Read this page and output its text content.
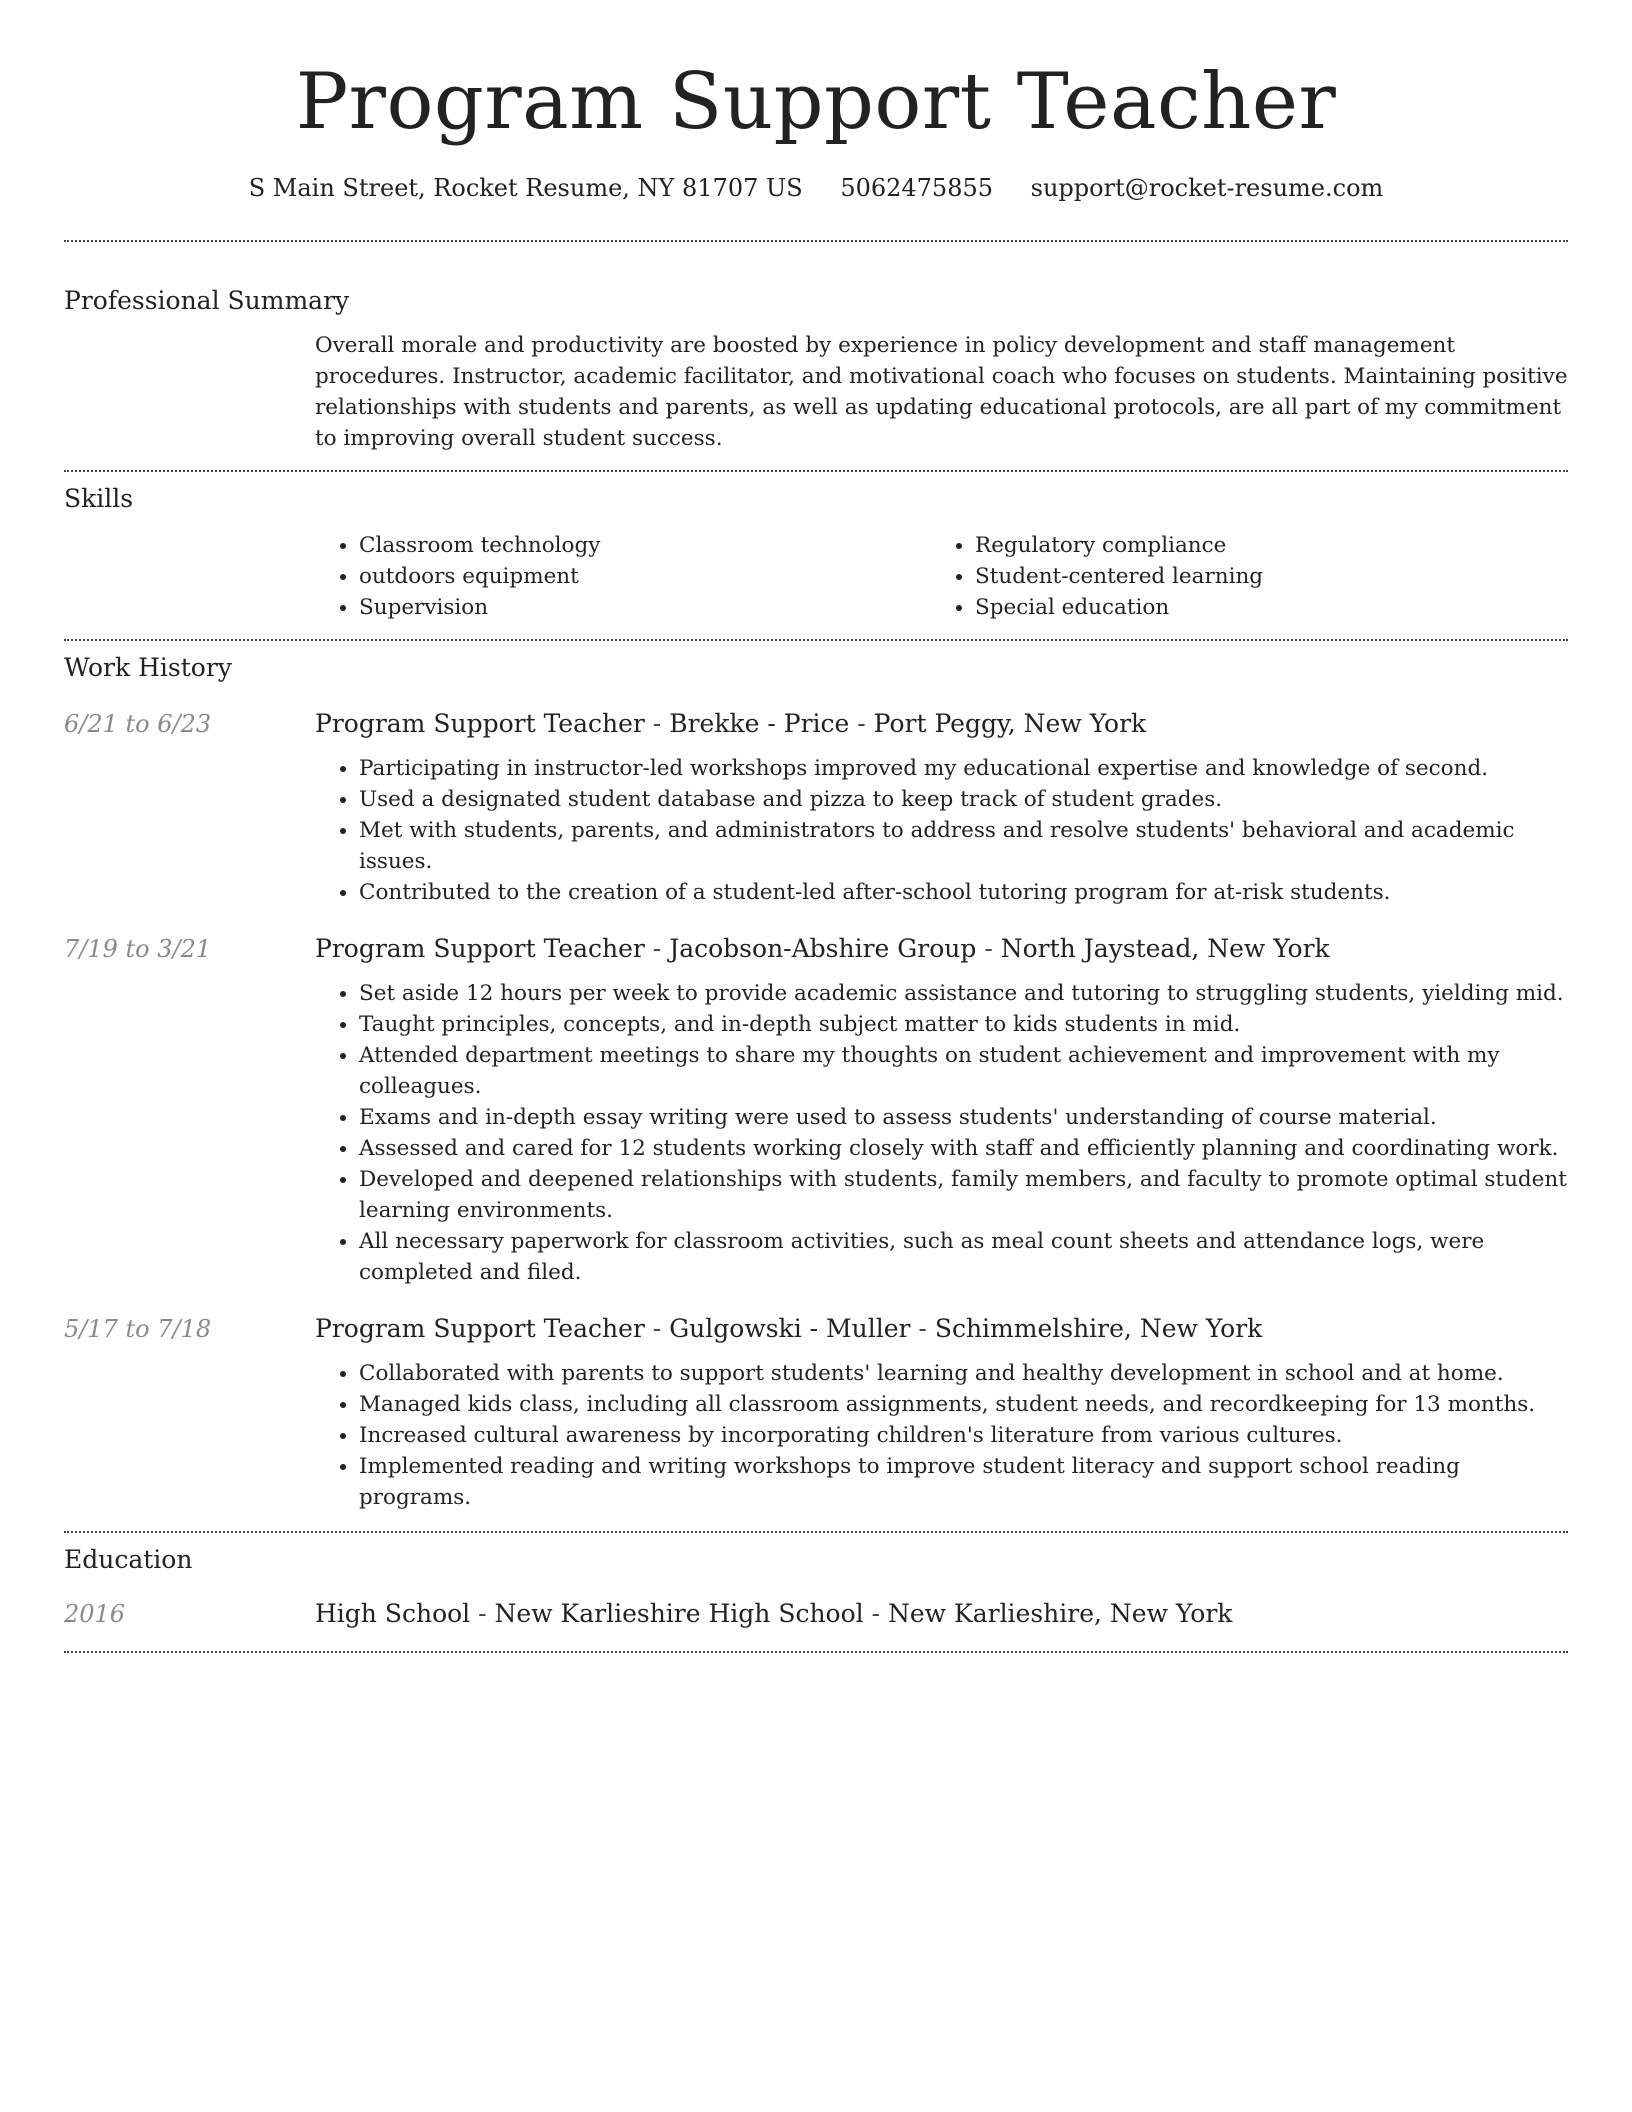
Program Support Teacher
S Main Street, Rocket Resume, NY 81707 US 5062475855 support@rocket-resume.com
Professional Summary

Overall morale and productivity are boosted by experience in policy development and staff management procedures. Instructor, academic facilitator, and motivational coach who focuses on students. Maintaining positive relationships with students and parents, as well as updating educational protocols, are all part of my commitment to improving overall student success.

Skills
• Classroom technology
• outdoors equipment
• Supervision
• Regulatory compliance
• Student-centered learning
• Special education
Work History
6/21 to 6/23	Program Support Teacher - Brekke - Price - Port Peggy, New York
• Participating in instructor-led workshops improved my educational expertise and knowledge of second.
• Used a designated student database and pizza to keep track of student grades.
• Met with students, parents, and administrators to address and resolve students' behavioral and academic issues.
• Contributed to the creation of a student-led after-school tutoring program for at-risk students.
7/19 to 3/21	Program Support Teacher - Jacobson-Abshire Group - North Jaystead, New York
• Set aside 12 hours per week to provide academic assistance and tutoring to struggling students, yielding mid.
• Taught principles, concepts, and in-depth subject matter to kids students in mid.
• Attended department meetings to share my thoughts on student achievement and improvement with my colleagues.
• Exams and in-depth essay writing were used to assess students' understanding of course material.
• Assessed and cared for 12 students working closely with staff and efficiently planning and coordinating work.
• Developed and deepened relationships with students, family members, and faculty to promote optimal student learning environments.
• All necessary paperwork for classroom activities, such as meal count sheets and attendance logs, were completed and filed.
5/17 to 7/18	Program Support Teacher - Gulgowski - Muller - Schimmelshire, New York
• Collaborated with parents to support students' learning and healthy development in school and at home.
• Managed kids class, including all classroom assignments, student needs, and recordkeeping for 13 months.
• Increased cultural awareness by incorporating children's literature from various cultures.
• Implemented reading and writing workshops to improve student literacy and support school reading programs.
Education
2016	High School - New Karlieshire High School - New Karlieshire, New York
